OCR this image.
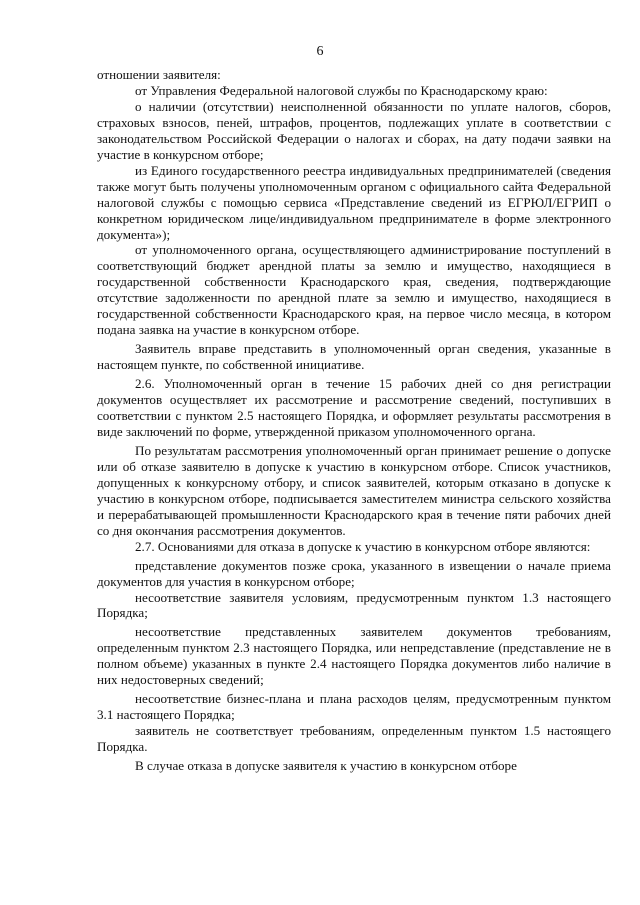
6

отношении заявителя:

от Управления Федеральной налоговой службы по Краснодарскому краю:

о наличии (отсутствии) неисполненной обязанности по уплате налогов, сборов, страховых взносов, пеней, штрафов, процентов, подлежащих уплате в соответствии с законодательством Российской Федерации о налогах и сборах, на дату подачи заявки на участие в конкурсном отборе;

из Единого государственного реестра индивидуальных предпринимателей (сведения также могут быть получены уполномоченным органом с официального сайта Федеральной налоговой службы с помощью сервиса «Представление сведений из ЕГРЮЛ/ЕГРИП о конкретном юридическом лице/индивидуальном предпринимателе в форме электронного документа»);

от уполномоченного органа, осуществляющего администрирование поступлений в соответствующий бюджет арендной платы за землю и имущество, находящиеся в государственной собственности Краснодарского края, сведения, подтверждающие отсутствие задолженности по арендной плате за землю и имущество, находящиеся в государственной собственности Краснодарского края, на первое число месяца, в котором подана заявка на участие в конкурсном отборе.

Заявитель вправе представить в уполномоченный орган сведения, указанные в настоящем пункте, по собственной инициативе.

2.6. Уполномоченный орган в течение 15 рабочих дней со дня регистрации документов осуществляет их рассмотрение и рассмотрение сведений, поступивших в соответствии с пунктом 2.5 настоящего Порядка, и оформляет результаты рассмотрения в виде заключений по форме, утвержденной приказом уполномоченного органа.

По результатам рассмотрения уполномоченный орган принимает решение о допуске или об отказе заявителю в допуске к участию в конкурсном отборе. Список участников, допущенных к конкурсному отбору, и список заявителей, которым отказано в допуске к участию в конкурсном отборе, подписывается заместителем министра сельского хозяйства и перерабатывающей промышленности Краснодарского края в течение пяти рабочих дней со дня окончания рассмотрения документов.

2.7. Основаниями для отказа в допуске к участию в конкурсном отборе являются:

представление документов позже срока, указанного в извещении о начале приема документов для участия в конкурсном отборе;

несоответствие заявителя условиям, предусмотренным пунктом 1.3 настоящего Порядка;

несоответствие представленных заявителем документов требованиям, определенным пунктом 2.3 настоящего Порядка, или непредставление (представление не в полном объеме) указанных в пункте 2.4 настоящего Порядка документов либо наличие в них недостоверных сведений;

несоответствие бизнес-плана и плана расходов целям, предусмотренным пунктом 3.1 настоящего Порядка;

заявитель не соответствует требованиям, определенным пунктом 1.5 настоящего Порядка.

В случае отказа в допуске заявителя к участию в конкурсном отборе
